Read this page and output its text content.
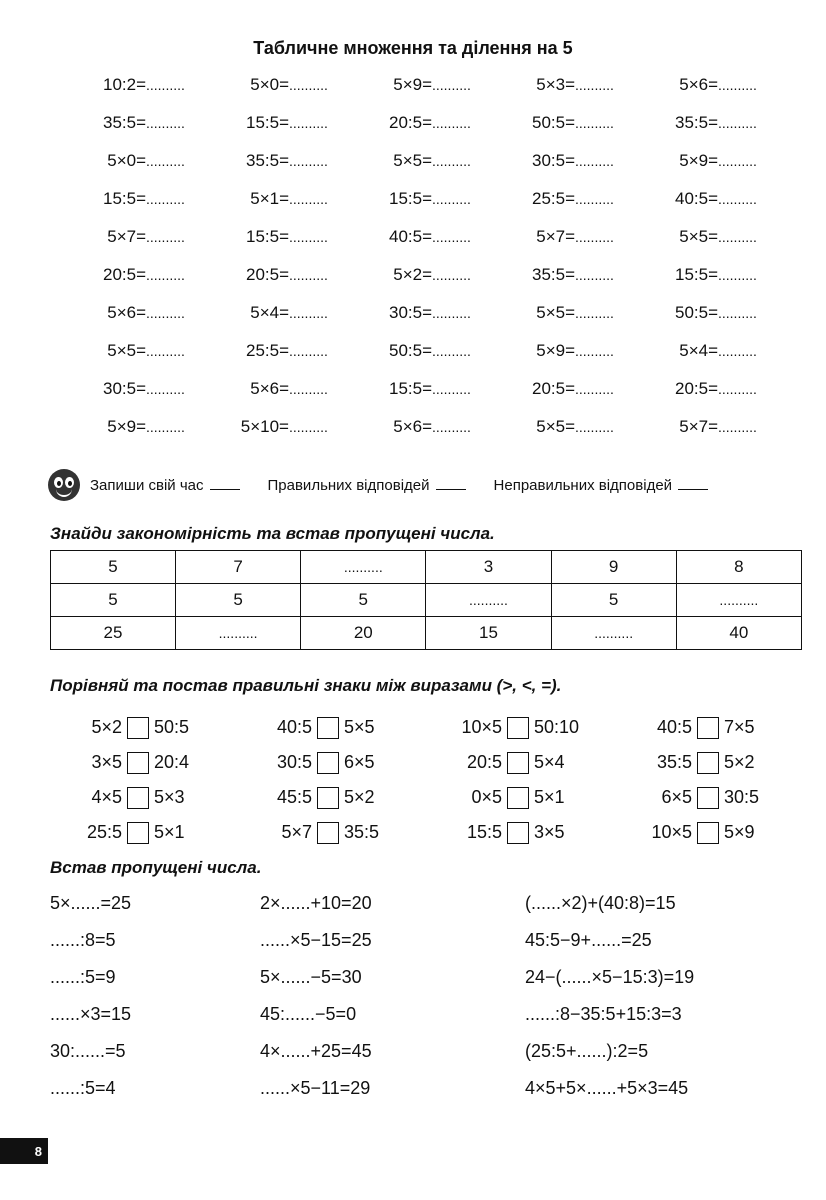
Табличне множення та ділення на 5
10:2=..........	5×0=..........	5×9=..........	5×3=..........	5×6=..........
35:5=..........	15:5=..........	20:5=..........	50:5=..........	35:5=..........
5×0=..........	35:5=..........	5×5=..........	30:5=..........	5×9=..........
15:5=..........	5×1=..........	15:5=..........	25:5=..........	40:5=..........
5×7=..........	15:5=..........	40:5=..........	5×7=..........	5×5=..........
20:5=..........	20:5=..........	5×2=..........	35:5=..........	15:5=..........
5×6=..........	5×4=..........	30:5=..........	5×5=..........	50:5=..........
5×5=..........	25:5=..........	50:5=..........	5×9=..........	5×4=..........
30:5=..........	5×6=..........	15:5=..........	20:5=..........	20:5=..........
5×9=..........	5×10=..........	5×6=..........	5×5=..........	5×7=..........
Запиши свій час	Правильних відповідей	Неправильних відповідей
Знайди закономірність та встав пропущені числа.
5	7	..........	3	9	8
5	5	5	..........	5	..........
25	..........	20	15	..........	40
Порівняй та постав правильні знаки між виразами (>, <, =).
5×2 50:5	40:5 5×5	10×5 50:10	40:5 7×5
3×5 20:4	30:5 6×5	20:5 5×4	35:5 5×2
4×5 5×3	45:5 5×2	0×5 5×1	6×5 30:5
25:5 5×1	5×7 35:5	15:5 3×5	10×5 5×9
Встав пропущені числа.
5×......=25	2×......+10=20	(......×2)+(40:8)=15
......:8=5	......×5−15=25	45:5−9+......=25
......:5=9	5×......−5=30	24−(......×5−15:3)=19
......×3=15	45:......−5=0	......:8−35:5+15:3=3
30:......=5	4×......+25=45	(25:5+......):2=5
......:5=4	......×5−11=29	4×5+5×......+5×3=45
8
